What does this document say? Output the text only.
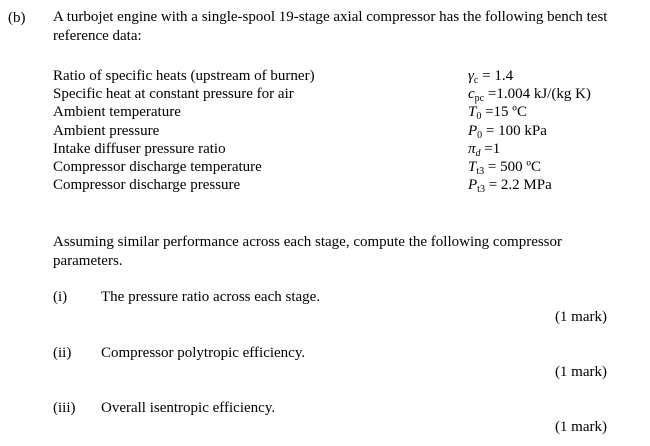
(b) A turbojet engine with a single-spool 19-stage axial compressor has the following bench test reference data:
Ratio of specific heats (upstream of burner)	$\gamma_c = 1.4$
Specific heat at constant pressure for air	$c_{pc} =1.004$ kJ/(kg K)
Ambient temperature	$T_0 =15$ ºC
Ambient pressure	$P_0 = 100$ kPa
Intake diffuser pressure ratio	$\pi_d =1$
Compressor discharge temperature	$T_{t3} = 500$ ºC
Compressor discharge pressure	$P_{t3} = 2.2$ MPa
Assuming similar performance across each stage, compute the following compressor parameters.
(i) The pressure ratio across each stage.
(1 mark)
(ii) Compressor polytropic efficiency.
(1 mark)
(iii) Overall isentropic efficiency.
(1 mark)
